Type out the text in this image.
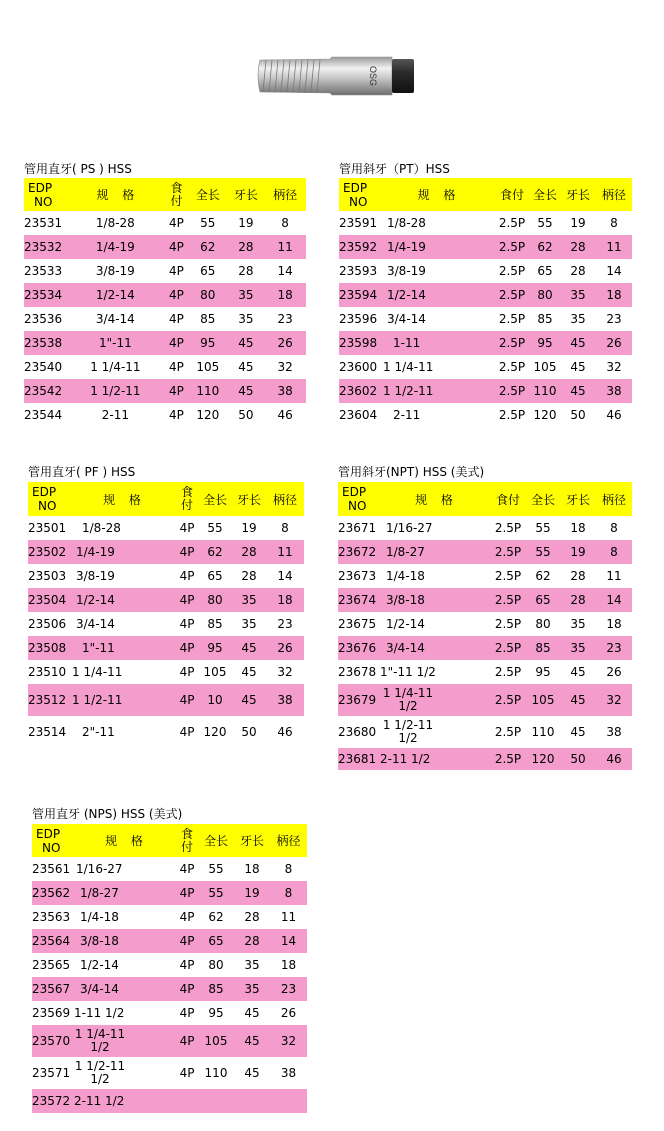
OSG
管用直牙( PS ) HSS
EDP
NO	规 格	食
付	全长	牙长	柄径
23531	1/8-28	4P	55	19	8
23532	1/4-19	4P	62	28	11
23533	3/8-19	4P	65	28	14
23534	1/2-14	4P	80	35	18
23536	3/4-14	4P	85	35	23
23538	1"-11	4P	95	45	26
23540	1 1/4-11	4P	105	45	32
23542	1 1/2-11	4P	110	45	38
23544	2-11	4P	120	50	46
管用斜牙（PT）HSS
EDP
NO	规 格	食付	全长	牙长	柄径
23591	1/8-28	2.5P	55	19	8
23592	1/4-19	2.5P	62	28	11
23593	3/8-19	2.5P	65	28	14
23594	1/2-14	2.5P	80	35	18
23596	3/4-14	2.5P	85	35	23
23598	1-11	2.5P	95	45	26
23600	1 1/4-11	2.5P	105	45	32
23602	1 1/2-11	2.5P	110	45	38
23604	2-11	2.5P	120	50	46
管用直牙( PF ) HSS
EDP
NO	规 格	食
付	全长	牙长	柄径
23501	1/8-28	4P	55	19	8
23502	1/4-19	4P	62	28	11
23503	3/8-19	4P	65	28	14
23504	1/2-14	4P	80	35	18
23506	3/4-14	4P	85	35	23
23508	1"-11	4P	95	45	26
23510	1 1/4-11	4P	105	45	32
23512	1 1/2-11	4P	10	45	38
23514	2"-11	4P	120	50	46
管用斜牙(NPT) HSS (美式)
EDP
NO	规 格	食付	全长	牙长	柄径
23671	1/16-27	2.5P	55	18	8
23672	1/8-27	2.5P	55	19	8
23673	1/4-18	2.5P	62	28	11
23674	3/8-18	2.5P	65	28	14
23675	1/2-14	2.5P	80	35	18
23676	3/4-14	2.5P	85	35	23
23678	1"-11 1/2	2.5P	95	45	26
23679	1 1/4-11 1/2	2.5P	105	45	32
23680	1 1/2-11 1/2	2.5P	110	45	38
23681	2-11 1/2	2.5P	120	50	46
管用直牙 (NPS) HSS (美式)
EDP
NO	规 格	食
付	全长	牙长	柄径
23561	1/16-27	4P	55	18	8
23562	1/8-27	4P	55	19	8
23563	1/4-18	4P	62	28	11
23564	3/8-18	4P	65	28	14
23565	1/2-14	4P	80	35	18
23567	3/4-14	4P	85	35	23
23569	1-11 1/2	4P	95	45	26
23570	1 1/4-11 1/2	4P	105	45	32
23571	1 1/2-11 1/2	4P	110	45	38
23572	2-11 1/2				
